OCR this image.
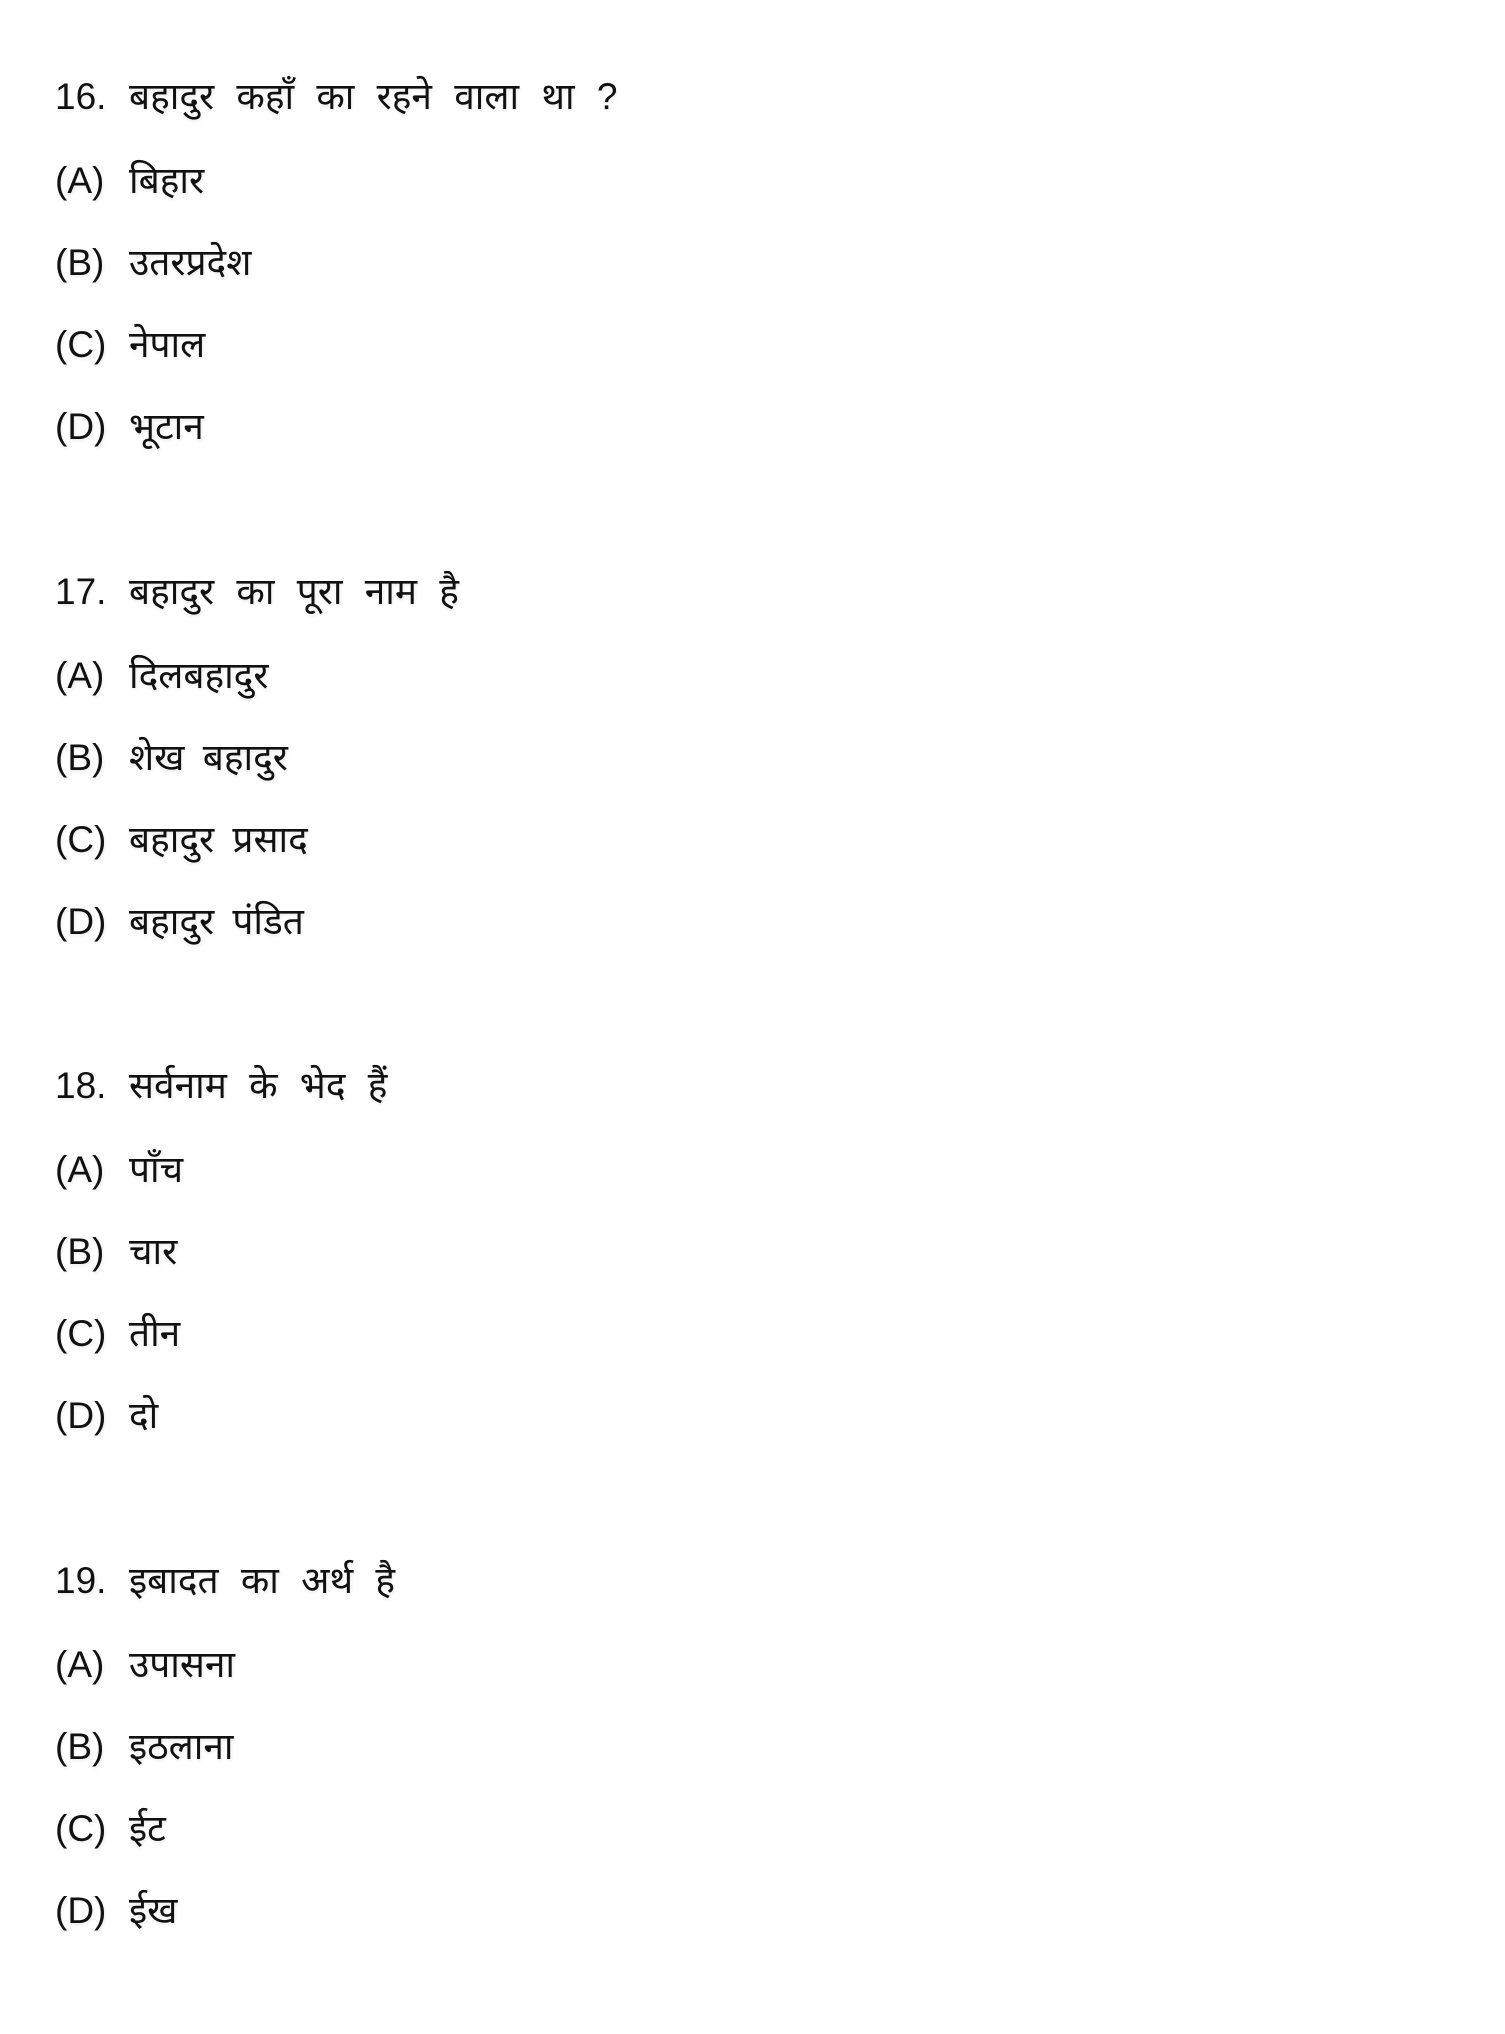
16. बहादुर कहाँ का रहने वाला था ?
(A) बिहार
(B) उतरप्रदेश
(C) नेपाल
(D) भूटान
17. बहादुर का पूरा नाम है
(A) दिलबहादुर
(B) शेख बहादुर
(C) बहादुर प्रसाद
(D) बहादुर पंडित
18. सर्वनाम के भेद हैं
(A) पाँच
(B) चार
(C) तीन
(D) दो
19. इबादत का अर्थ है
(A) उपासना
(B) इठलाना
(C) ईट
(D) ईख
